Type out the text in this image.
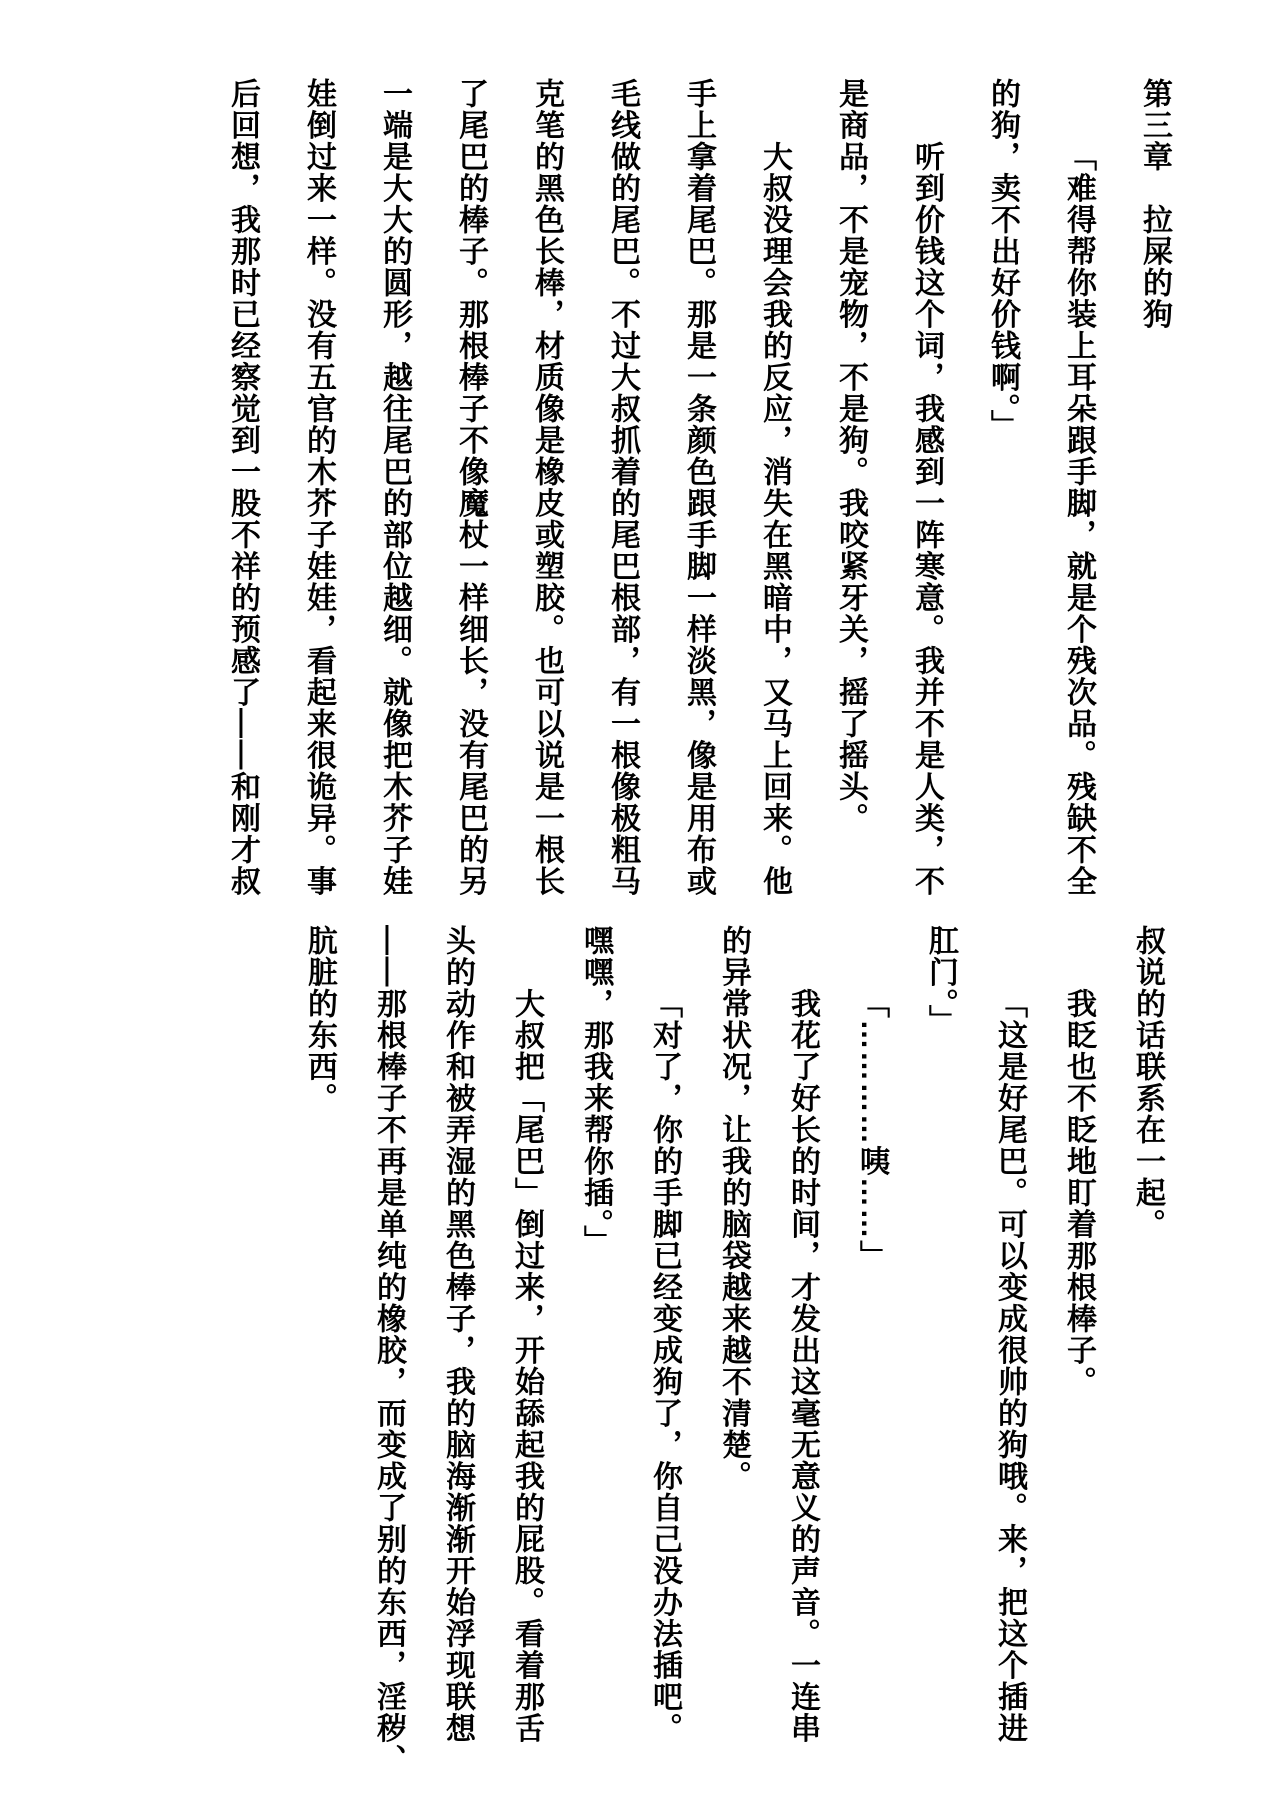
第三章　拉屎的狗

「难得帮你装上耳朵跟手脚，就是个残次品。残缺不全

的狗，卖不出好价钱啊。」

听到价钱这个词，我感到一阵寒意。我并不是人类，不

是商品，不是宠物，不是狗。我咬紧牙关，摇了摇头。

大叔没理会我的反应，消失在黑暗中，又马上回来。他

手上拿着尾巴。那是一条颜色跟手脚一样淡黑，像是用布或

毛线做的尾巴。不过大叔抓着的尾巴根部，有一根像极粗马

克笔的黑色长棒，材质像是橡皮或塑胶。也可以说是一根长

了尾巴的棒子。那根棒子不像魔杖一样细长，没有尾巴的另

一端是大大的圆形，越往尾巴的部位越细。就像把木芥子娃

娃倒过来一样。没有五官的木芥子娃娃，看起来很诡异。事

后回想，我那时已经察觉到一股不祥的预感了——和刚才叔

叔说的话联系在一起。

我眨也不眨地盯着那根棒子。

「这是好尾巴。可以变成很帅的狗哦。来，把这个插进

肛门。」

「…………咦……」

我花了好长的时间，才发出这毫无意义的声音。一连串

的异常状况，让我的脑袋越来越不清楚。

「对了，你的手脚已经变成狗了，你自己没办法插吧。

嘿嘿，那我来帮你插。」

大叔把「尾巴」倒过来，开始舔起我的屁股。看着那舌

头的动作和被弄湿的黑色棒子，我的脑海渐渐开始浮现联想

——那根棒子不再是单纯的橡胶，而变成了别的东西，淫秽、

肮脏的东西。
